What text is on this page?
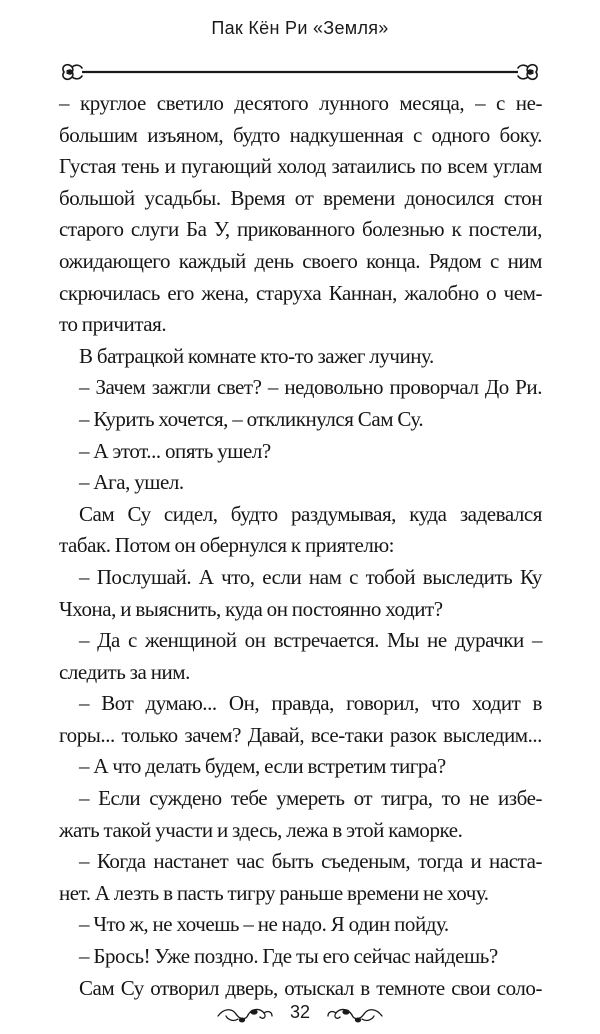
Пак Кён Ри «Земля»
– круглое светило десятого лунного месяца, – с не-
большим изъяном, будто надкушенная с одного боку.
Густая тень и пугающий холод затаились по всем углам
большой усадьбы. Время от времени доносился стон
старого слуги Ба У, прикованного болезнью к постели,
ожидающего каждый день своего конца. Рядом с ним
скрючилась его жена, старуха Каннан, жалобно о чем-
то причитая.
В батрацкой комнате кто-то зажег лучину.
– Зачем зажгли свет? – недовольно проворчал До Ри.
– Курить хочется, – откликнулся Сам Су.
– А этот... опять ушел?
– Ага, ушел.
Сам Су сидел, будто раздумывая, куда задевался
табак. Потом он обернулся к приятелю:
– Послушай. А что, если нам с тобой выследить Ку
Чхона, и выяснить, куда он постоянно ходит?
– Да с женщиной он встречается. Мы не дурачки –
следить за ним.
– Вот думаю... Он, правда, говорил, что ходит в
горы... только зачем? Давай, все-таки разок выследим...
– А что делать будем, если встретим тигра?
– Если суждено тебе умереть от тигра, то не избе-
жать такой участи и здесь, лежа в этой каморке.
– Когда настанет час быть съеденым, тогда и наста-
нет. А лезть в пасть тигру раньше времени не хочу.
– Что ж, не хочешь – не надо. Я один пойду.
– Брось! Уже поздно. Где ты его сейчас найдешь?
Сам Су отворил дверь, отыскал в темноте свои соло-
32
